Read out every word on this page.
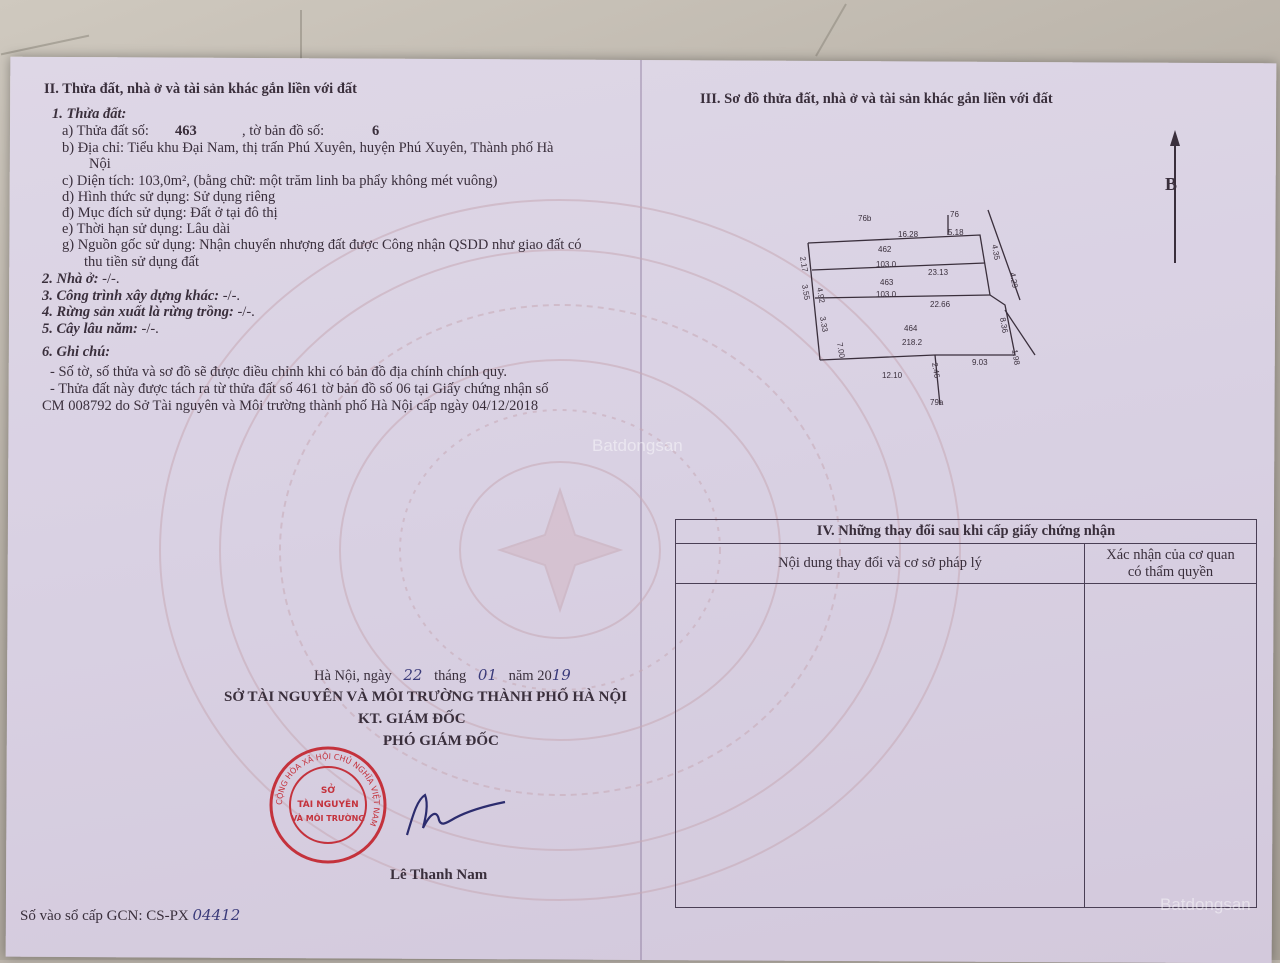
II. Thửa đất, nhà ở và tài sản khác gắn liền với đất
1. Thửa đất:
a) Thửa đất số: 463	, tờ bản đồ số:	6
b) Địa chỉ: Tiểu khu Đại Nam, thị trấn Phú Xuyên, huyện Phú Xuyên, Thành phố Hà
Nội
c) Diện tích: 103,0m², (bằng chữ: một trăm linh ba phẩy không mét vuông)
d) Hình thức sử dụng: Sử dụng riêng
đ) Mục đích sử dụng: Đất ở tại đô thị
e) Thời hạn sử dụng: Lâu dài
g) Nguồn gốc sử dụng: Nhận chuyển nhượng đất được Công nhận QSDD như giao đất có
thu tiền sử dụng đất
2. Nhà ở: -/-.
3. Công trình xây dựng khác: -/-.
4. Rừng sản xuất là rừng trồng: -/-.
5. Cây lâu năm: -/-.
6. Ghi chú:
- Số tờ, số thửa và sơ đồ sẽ được điều chỉnh khi có bản đồ địa chính chính quy.
- Thửa đất này được tách ra từ thửa đất số 461 tờ bản đồ số 06 tại Giấy chứng nhận số
CM 008792 do Sở Tài nguyên và Môi trường thành phố Hà Nội cấp ngày 04/12/2018
Hà Nội, ngày 22 tháng 01 năm 2019
SỞ TÀI NGUYÊN VÀ MÔI TRƯỜNG THÀNH PHỐ HÀ NỘI
KT. GIÁM ĐỐC
PHÓ GIÁM ĐỐC
CỘNG HÒA XÃ HỘI CHỦ NGHĨA VIỆT NAM
SỞ
TÀI NGUYÊN
VÀ MÔI TRƯỜNG
Lê Thanh Nam
Số vào sổ cấp GCN: CS-PX 04412
III. Sơ đồ thửa đất, nhà ở và tài sản khác gắn liền với đất
B
76b	76
79a
16.28	5.18
462
103.0
23.13
463
103.0
22.66
464
218.2
12.10
9.03
2.17
3.55 4.92
3.33
7.00
4.35
4.29
8.36
1.98
2.46
IV. Những thay đổi sau khi cấp giấy chứng nhận	
Nội dung thay đổi và cơ sở pháp lý	Xác nhận của cơ quan
có thẩm quyền

Batdongsan
Batdongsan
